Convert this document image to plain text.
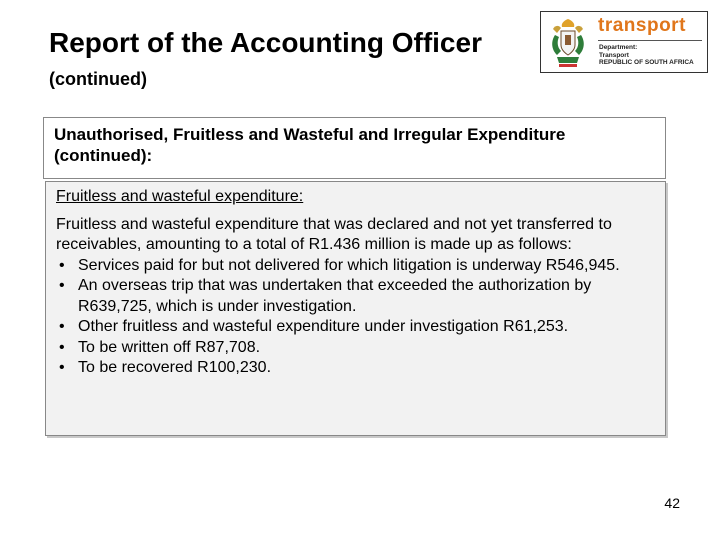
Report of the Accounting Officer (continued)
transport
Department:
Transport
REPUBLIC OF SOUTH AFRICA
Unauthorised, Fruitless and Wasteful and Irregular Expenditure (continued):

Fruitless and wasteful expenditure:

Fruitless and wasteful expenditure that was declared and not yet transferred to receivables, amounting to a total of R1.436 million is made up as follows:

• Services paid for but not delivered for which litigation is underway R546,945.
• An overseas trip that was undertaken that exceeded the authorization by R639,725, which is under investigation.
• Other fruitless and wasteful expenditure under investigation R61,253.
• To be written off R87,708.
• To be recovered R100,230.
42
